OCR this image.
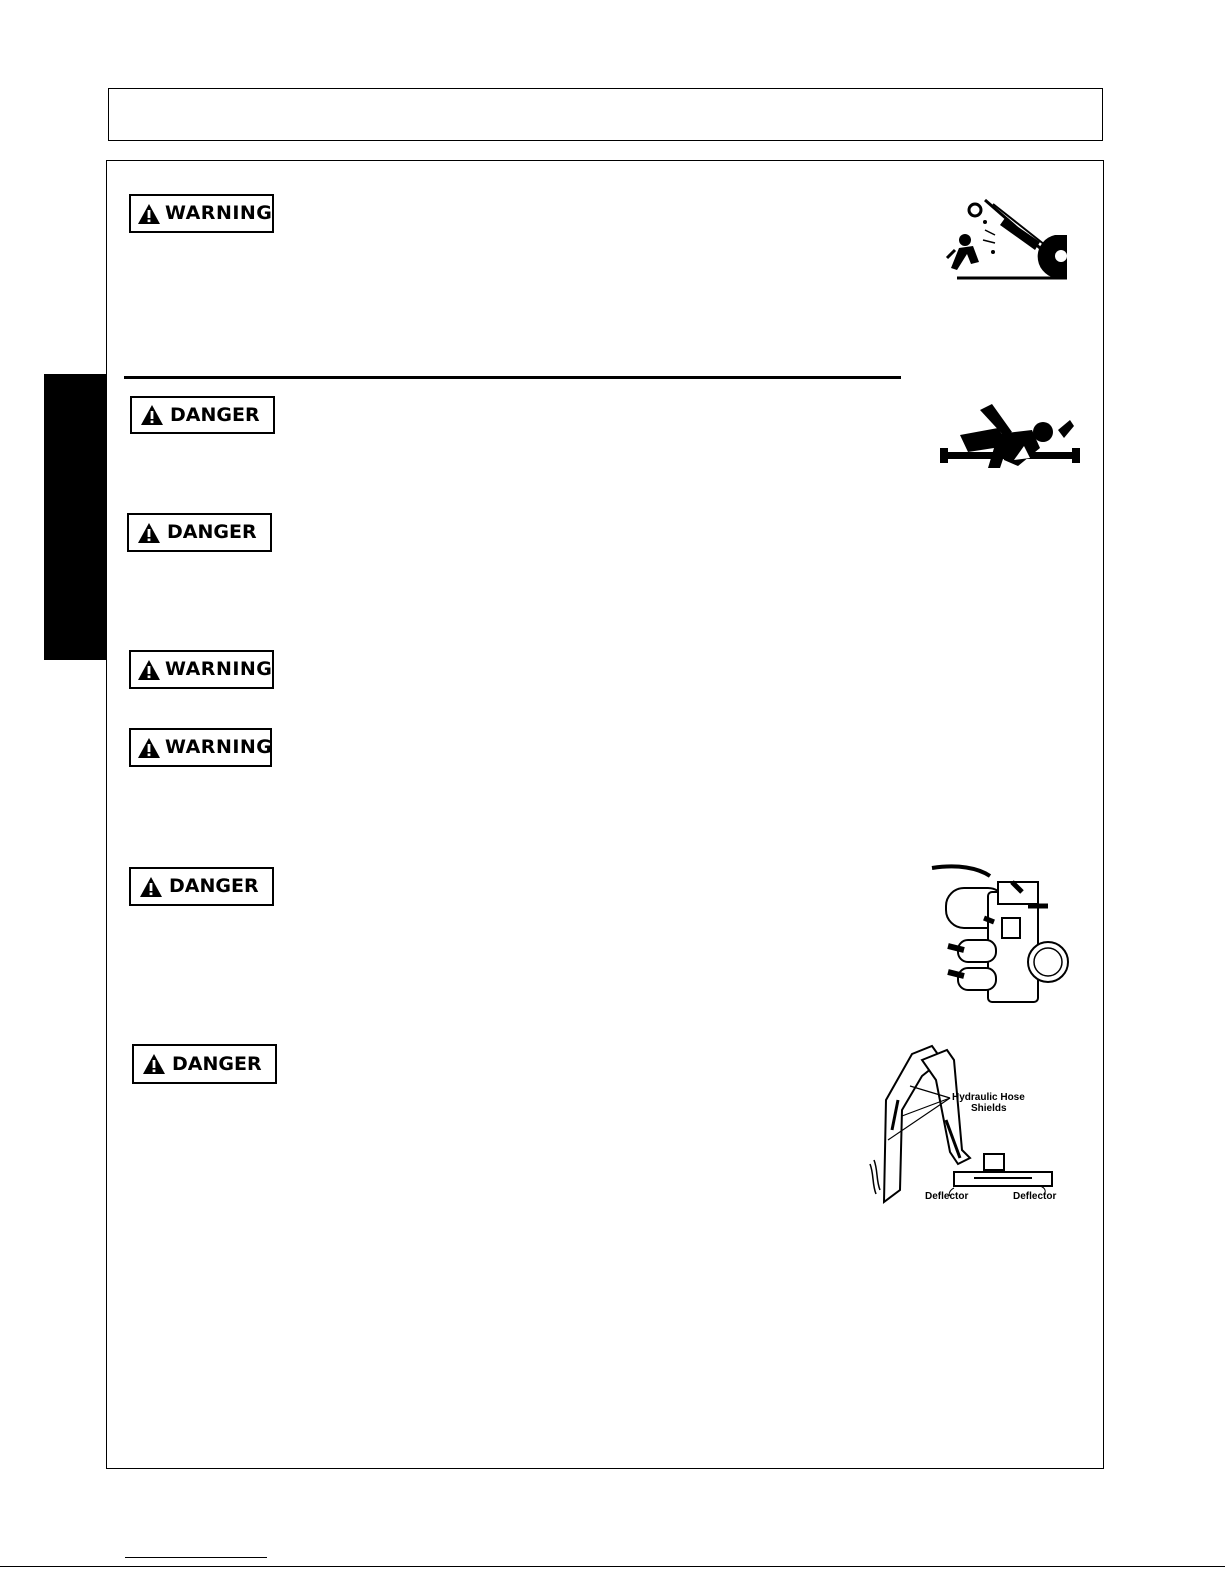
WARNING
DANGER
DANGER
WARNING
WARNING
DANGER
DANGER
Hydraulic Hose
Shields
Deflector	Deflector
